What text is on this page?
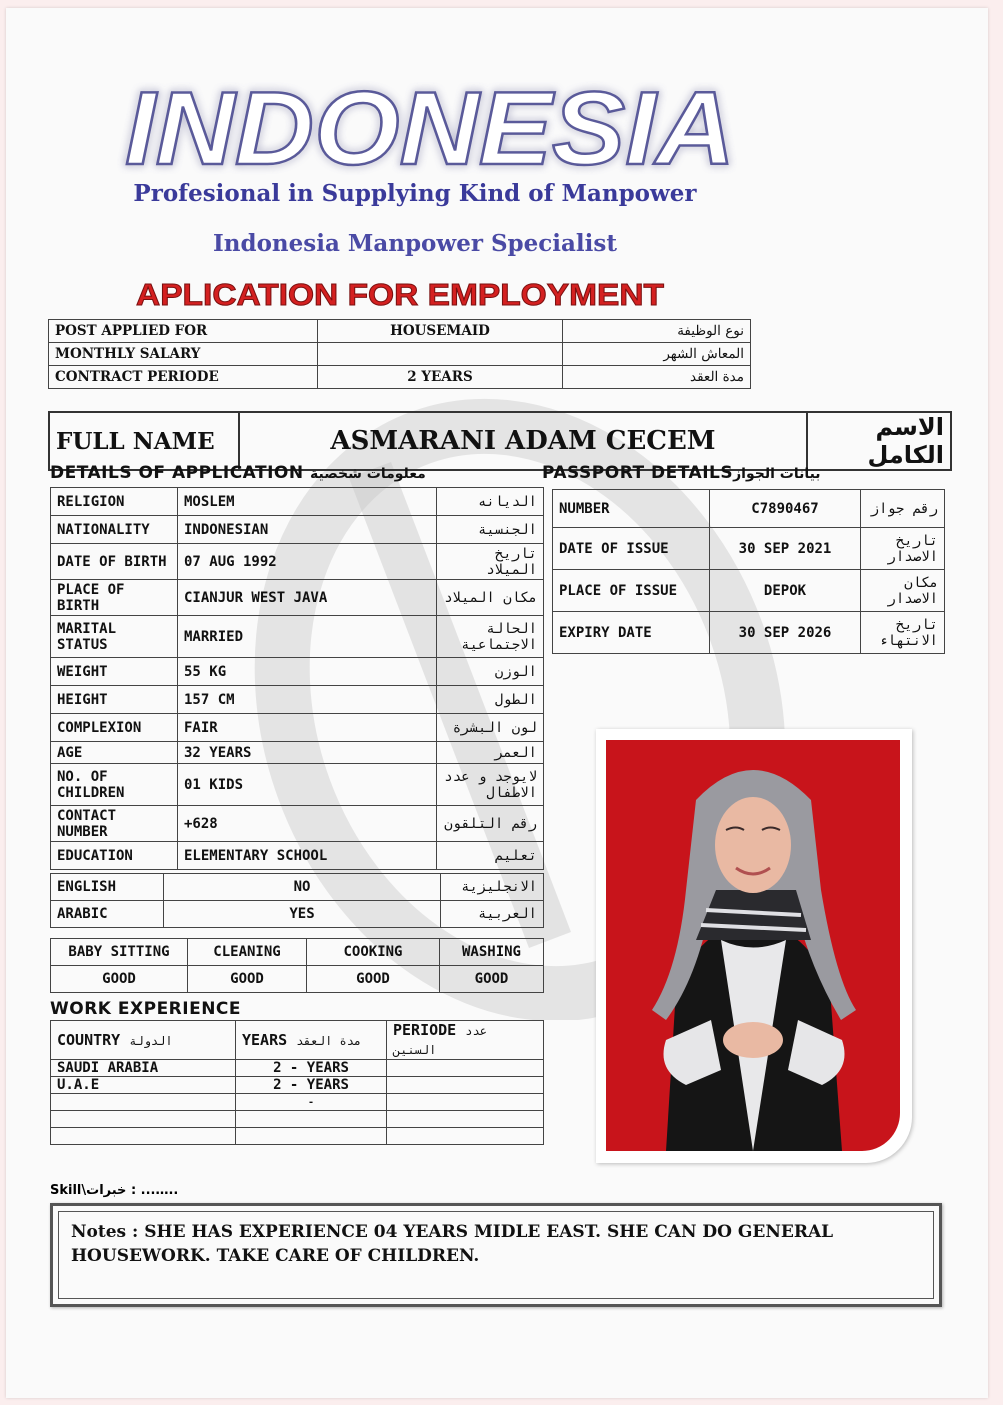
INDONESIA
Profesional in Supplying Kind of Manpower
Indonesia Manpower Specialist
APLICATION FOR EMPLOYMENT
POST APPLIED FOR	HOUSEMAID	نوع الوظيفة
MONTHLY SALARY		المعاش الشهر
CONTRACT PERIODE	2 YEARS	مدة العقد
FULL NAME	ASMARANI ADAM CECEM	الاسم الكامل
DETAILS OF APPLICATION معلومات شخصية	PASSPORT DETAILSبيانات الجواز
RELIGION	MOSLEM	الديانه
NATIONALITY	INDONESIAN	الجنسية
DATE OF BIRTH	07 AUG 1992	تاريخ الميلاد
PLACE OF BIRTH	CIANJUR WEST JAVA	مكان الميلاد
MARITAL STATUS	MARRIED	الحالة الاجتماعية
WEIGHT	55 KG	الوزن
HEIGHT	157 CM	الطول
COMPLEXION	FAIR	لون البشرة
AGE	32 YEARS	العمر
NO. OF CHILDREN	01 KIDS	لايوجد و عدد الاطفال
CONTACT NUMBER	+628	رقم التلقون
EDUCATION	ELEMENTARY SCHOOL	تعليم
ENGLISH	NO	الانجليزية
ARABIC	YES	العربية
BABY SITTING	CLEANING	COOKING	WASHING
GOOD	GOOD	GOOD	GOOD
WORK EXPERIENCE
COUNTRY الدولة	YEARS مدة العقد	PERIODE عدد السنين
SAUDI ARABIA	2 - YEARS	
U.A.E	2 - YEARS	
	-	

NUMBER	C7890467	رقم جواز
DATE OF ISSUE	30 SEP 2021	تاريخ الاصدار
PLACE OF ISSUE	DEPOK	مكان الاصدار
EXPIRY DATE	30 SEP 2026	تاريخ الانتهاء
Skill\خبرات : ...…..
Notes : SHE HAS EXPERIENCE 04 YEARS MIDLE EAST. SHE CAN DO GENERAL HOUSEWORK. TAKE CARE OF CHILDREN.
